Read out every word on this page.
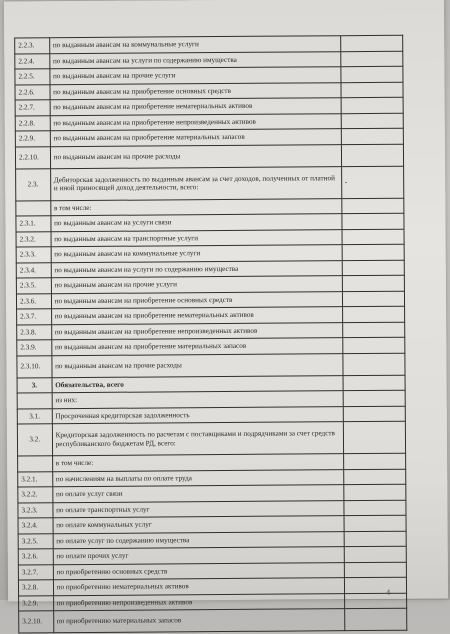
2.2.3.	по выданным авансам на коммунальные услуги	
2.2.4.	по выданным авансам на услуги по содержанию имущества	
2.2.5.	по выданным авансам на прочие услуги	
2.2.6.	по выданным авансам на приобретение основных средств	
2.2.7.	по выданным авансам на приобретение нематериальных активов	
2.2.8.	по выданным авансам на приобретение непроизведенных активов	
2.2.9.	по выданным авансам на приобретение материальных запасов	
2.2.10.	по выданным авансам на прочие расходы	
2.3.	Дебиторская задолженность по выданным авансам за счет доходов, полученных от платной и иной приносящей доход деятельности, всего:	-
	в том числе:	
2.3.1.	по выданным авансам на услуги связи	
2.3.2.	по выданным авансам на транспортные услуги	
2.3.3.	по выданным авансам на коммунальные услуги	
2.3.4.	по выданным авансам на услуги по содержанию имущества	
2.3.5.	по выданным авансам на прочие услуги	
2.3.6.	по выданным авансам на приобретение основных средств	
2.3.7.	по выданным авансам на приобретение нематериальных активов	
2.3.8.	по выданным авансам на приобретение непроизведенных активов	
2.3.9.	по выданным авансам на приобретение материальных запасов	
2.3.10.	по выданным авансам на прочие расходы	
3.	Обязательства, всего	
	из них:	
3.1.	Просроченная кредиторская задолженность	
3.2.	Кредиторская задолженность по расчетам с поставщиками и подрядчиками за счет средств республиканского бюджетам РД, всего:	
	в том числе:	
3.2.1.	по начислениям на выплаты по оплате труда	
3.2.2.	по оплате услуг связи	
3.2.3.	по оплате транспортных услуг	
3.2.4.	по оплате коммунальных услуг	
3.2.5.	по оплате услуг по содержанию имущества	
3.2.6.	по оплате прочих услуг	
3.2.7.	по приобретению основных средств	
3.2.8.	по приобретению нематериальных активов	
3.2.9.	по приобретению непроизведенных активов	
3.2.10.	по приобретению материальных запасов	
4
